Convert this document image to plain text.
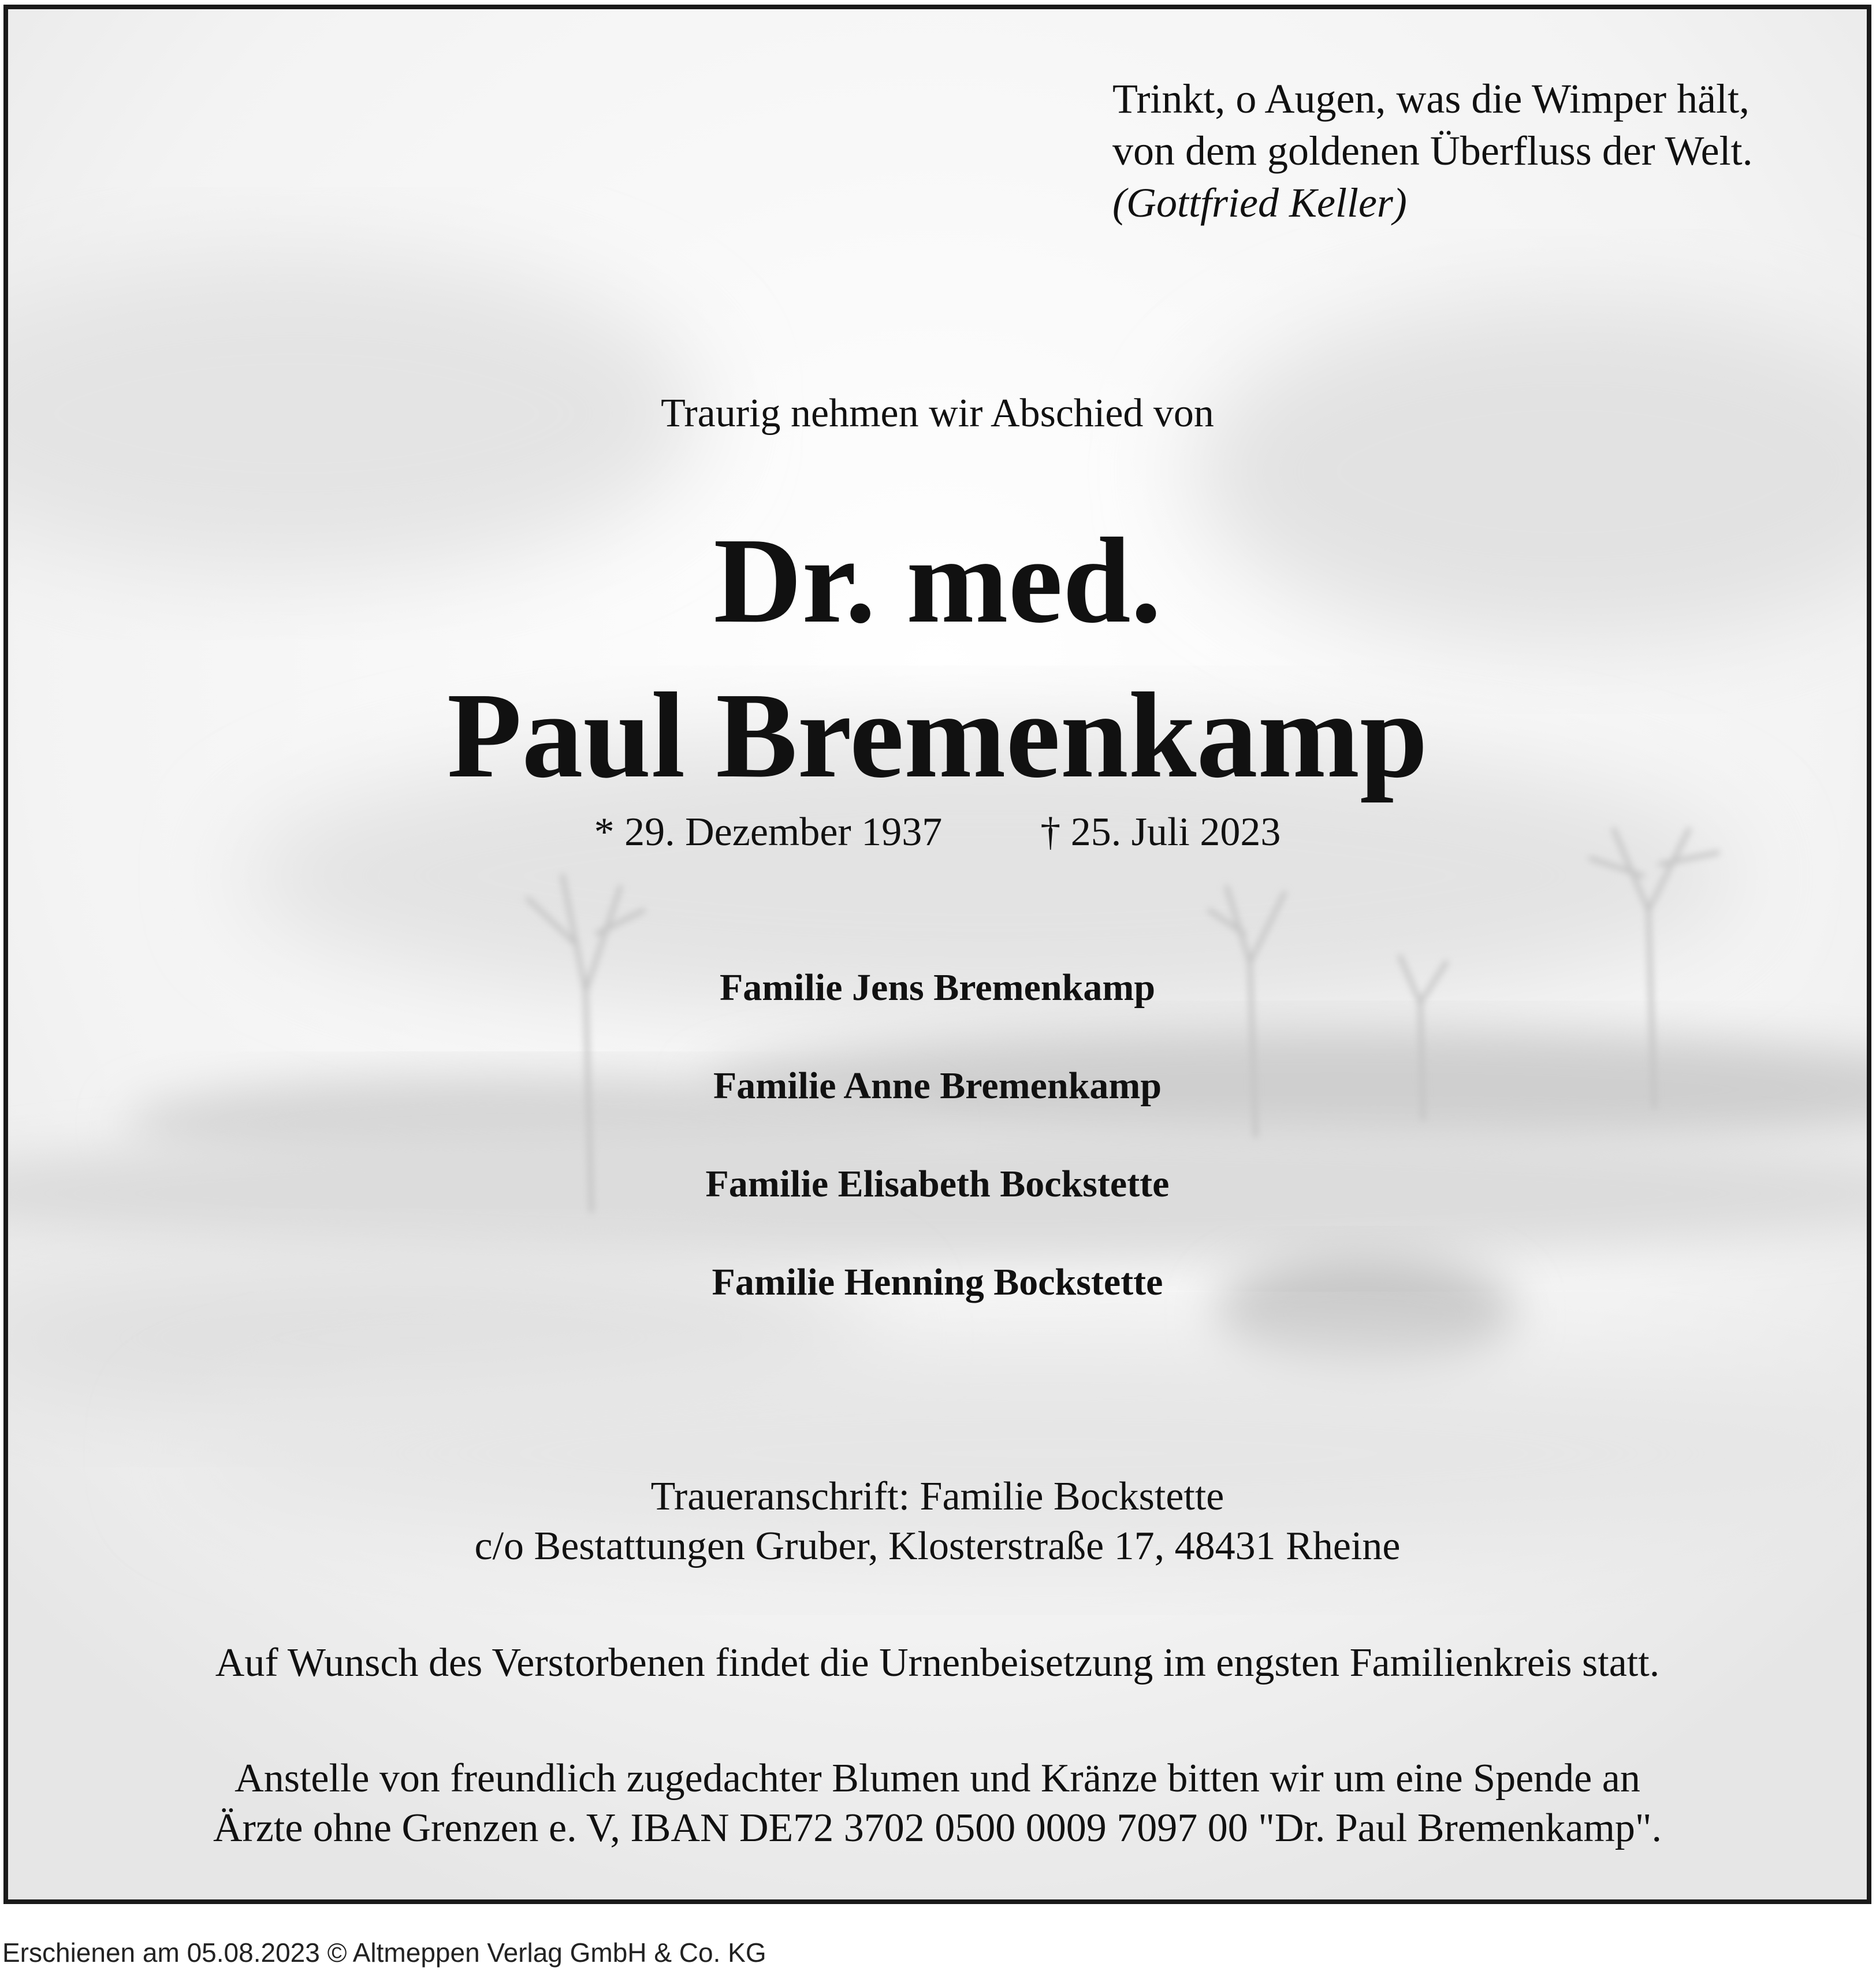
Trinkt, o Augen, was die Wimper hält,
von dem goldenen Überfluss der Welt.
(Gottfried Keller)
Traurig nehmen wir Abschied von
Dr. med.
Paul Bremenkamp
* 29. Dezember 1937 † 25. Juli 2023
Familie Jens Bremenkamp
Familie Anne Bremenkamp
Familie Elisabeth Bockstette
Familie Henning Bockstette
Traueranschrift: Familie Bockstette
c/o Bestattungen Gruber, Klosterstraße 17, 48431 Rheine
Auf Wunsch des Verstorbenen findet die Urnenbeisetzung im engsten Familienkreis statt.
Anstelle von freundlich zugedachter Blumen und Kränze bitten wir um eine Spende an
Ärzte ohne Grenzen e. V, IBAN DE72 3702 0500 0009 7097 00 "Dr. Paul Bremenkamp".
Erschienen am 05.08.2023 © Altmeppen Verlag GmbH & Co. KG
